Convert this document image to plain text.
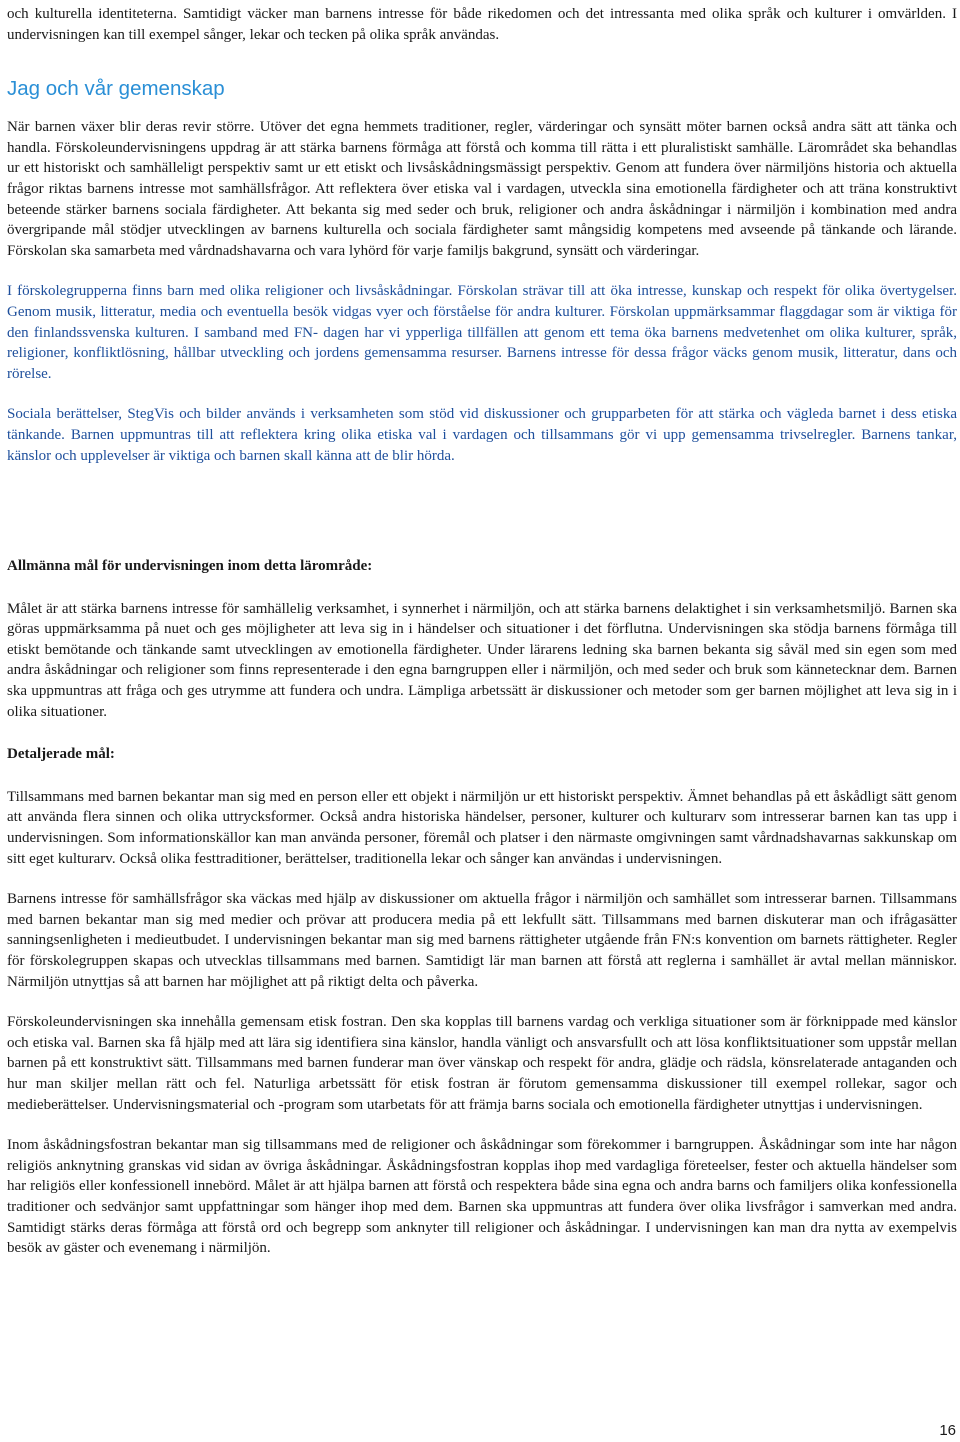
och kulturella identiteterna. Samtidigt väcker man barnens intresse för både rikedomen och det intressanta med olika språk och kulturer i omvärlden. I undervisningen kan till exempel sånger, lekar och tecken på olika språk användas.

Jag och vår gemenskap

När barnen växer blir deras revir större. Utöver det egna hemmets traditioner, regler, värderingar och synsätt möter barnen också andra sätt att tänka och handla. Förskoleundervisningens uppdrag är att stärka barnens förmåga att förstå och komma till rätta i ett pluralistiskt samhälle. Lärområdet ska behandlas ur ett historiskt och samhälleligt perspektiv samt ur ett etiskt och livsåskådningsmässigt perspektiv. Genom att fundera över närmiljöns historia och aktuella frågor riktas barnens intresse mot samhällsfrågor. Att reflektera över etiska val i vardagen, utveckla sina emotionella färdigheter och att träna konstruktivt beteende stärker barnens sociala färdigheter. Att bekanta sig med seder och bruk, religioner och andra åskådningar i närmiljön i kombination med andra övergripande mål stödjer utvecklingen av barnens kulturella och sociala färdigheter samt mångsidig kompetens med avseende på tänkande och lärande. Förskolan ska samarbeta med vårdnadshavarna och vara lyhörd för varje familjs bakgrund, synsätt och värderingar.

I förskolegrupperna finns barn med olika religioner och livsåskådningar. Förskolan strävar till att öka intresse, kunskap och respekt för olika övertygelser. Genom musik, litteratur, media och eventuella besök vidgas vyer och förståelse för andra kulturer. Förskolan uppmärksammar flaggdagar som är viktiga för den finlandssvenska kulturen. I samband med FN- dagen har vi ypperliga tillfällen att genom ett tema öka barnens medvetenhet om olika kulturer, språk, religioner, konfliktlösning, hållbar utveckling och jordens gemensamma resurser. Barnens intresse för dessa frågor väcks genom musik, litteratur, dans och rörelse.

Sociala berättelser, StegVis och bilder används i verksamheten som stöd vid diskussioner och grupparbeten för att stärka och vägleda barnet i dess etiska tänkande. Barnen uppmuntras till att reflektera kring olika etiska val i vardagen och tillsammans gör vi upp gemensamma trivselregler. Barnens tankar, känslor och upplevelser är viktiga och barnen skall känna att de blir hörda.

Allmänna mål för undervisningen inom detta lärområde:

Målet är att stärka barnens intresse för samhällelig verksamhet, i synnerhet i närmiljön, och att stärka barnens delaktighet i sin verksamhetsmiljö. Barnen ska göras uppmärksamma på nuet och ges möjligheter att leva sig in i händelser och situationer i det förflutna. Undervisningen ska stödja barnens förmåga till etiskt bemötande och tänkande samt utvecklingen av emotionella färdigheter. Under lärarens ledning ska barnen bekanta sig såväl med sin egen som med andra åskådningar och religioner som finns representerade i den egna barngruppen eller i närmiljön, och med seder och bruk som kännetecknar dem. Barnen ska uppmuntras att fråga och ges utrymme att fundera och undra. Lämpliga arbetssätt är diskussioner och metoder som ger barnen möjlighet att leva sig in i olika situationer.

Detaljerade mål:

Tillsammans med barnen bekantar man sig med en person eller ett objekt i närmiljön ur ett historiskt perspektiv. Ämnet behandlas på ett åskådligt sätt genom att använda flera sinnen och olika uttrycksformer. Också andra historiska händelser, personer, kulturer och kulturarv som intresserar barnen kan tas upp i undervisningen. Som informationskällor kan man använda personer, föremål och platser i den närmaste omgivningen samt vårdnadshavarnas sakkunskap om sitt eget kulturarv. Också olika festtraditioner, berättelser, traditionella lekar och sånger kan användas i undervisningen.

Barnens intresse för samhällsfrågor ska väckas med hjälp av diskussioner om aktuella frågor i närmiljön och samhället som intresserar barnen. Tillsammans med barnen bekantar man sig med medier och prövar att producera media på ett lekfullt sätt. Tillsammans med barnen diskuterar man och ifrågasätter sanningsenligheten i medieutbudet. I undervisningen bekantar man sig med barnens rättigheter utgående från FN:s konvention om barnets rättigheter. Regler för förskolegruppen skapas och utvecklas tillsammans med barnen. Samtidigt lär man barnen att förstå att reglerna i samhället är avtal mellan människor. Närmiljön utnyttjas så att barnen har möjlighet att på riktigt delta och påverka.

Förskoleundervisningen ska innehålla gemensam etisk fostran. Den ska kopplas till barnens vardag och verkliga situationer som är förknippade med känslor och etiska val. Barnen ska få hjälp med att lära sig identifiera sina känslor, handla vänligt och ansvarsfullt och att lösa konfliktsituationer som uppstår mellan barnen på ett konstruktivt sätt. Tillsammans med barnen funderar man över vänskap och respekt för andra, glädje och rädsla, könsrelaterade antaganden och hur man skiljer mellan rätt och fel. Naturliga arbetssätt för etisk fostran är förutom gemensamma diskussioner till exempel rollekar, sagor och medieberättelser. Undervisningsmaterial och -program som utarbetats för att främja barns sociala och emotionella färdigheter utnyttjas i undervisningen.

Inom åskådningsfostran bekantar man sig tillsammans med de religioner och åskådningar som förekommer i barngruppen. Åskådningar som inte har någon religiös anknytning granskas vid sidan av övriga åskådningar. Åskådningsfostran kopplas ihop med vardagliga företeelser, fester och aktuella händelser som har religiös eller konfessionell innebörd. Målet är att hjälpa barnen att förstå och respektera både sina egna och andra barns och familjers olika konfessionella traditioner och sedvänjor samt uppfattningar som hänger ihop med dem. Barnen ska uppmuntras att fundera över olika livsfrågor i samverkan med andra. Samtidigt stärks deras förmåga att förstå ord och begrepp som anknyter till religioner och åskådningar. I undervisningen kan man dra nytta av exempelvis besök av gäster och evenemang i närmiljön.

16
